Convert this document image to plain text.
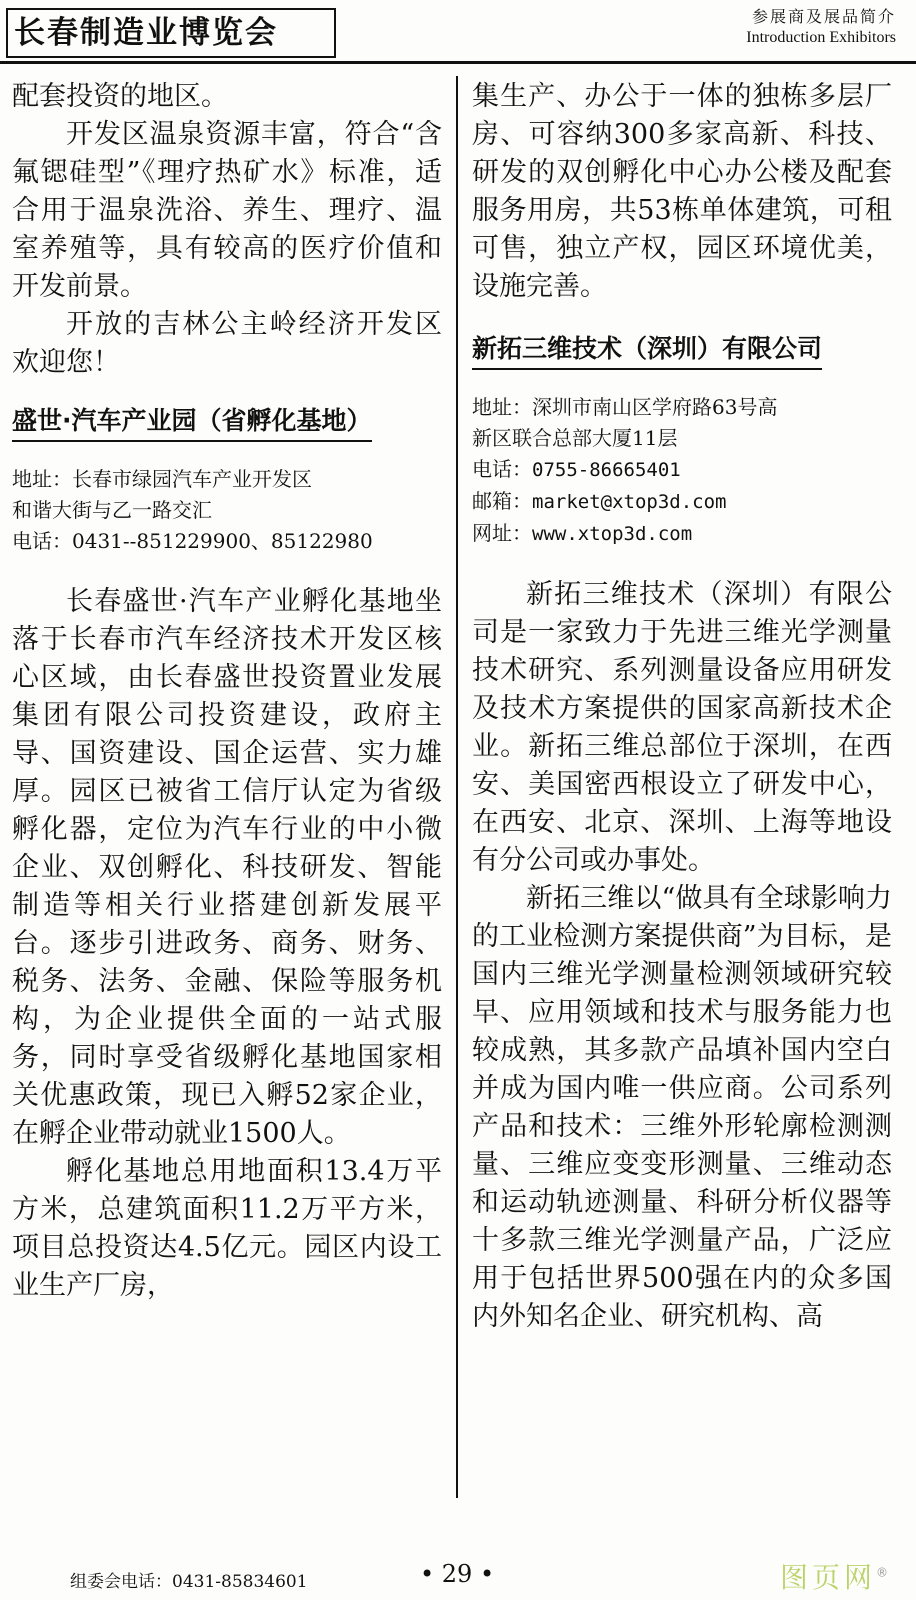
长春制造业博览会	参展商及展品简介
Introduction Exhibitors

配套投资的地区。

开发区温泉资源丰富，符合“含氟锶硅型”《理疗热矿水》标准，适合用于温泉洗浴、养生、理疗、温室养殖等，具有较高的医疗价值和开发前景。

开放的吉林公主岭经济开发区欢迎您！

盛世·汽车产业园（省孵化基地）

地址：长春市绿园汽车产业开发区

和谐大街与乙一路交汇

电话：0431--851229900、85122980

长春盛世·汽车产业孵化基地坐落于长春市汽车经济技术开发区核心区域，由长春盛世投资置业发展集团有限公司投资建设，政府主导、国资建设、国企运营、实力雄厚。园区已被省工信厅认定为省级孵化器，定位为汽车行业的中小微企业、双创孵化、科技研发、智能制造等相关行业搭建创新发展平台。逐步引进政务、商务、财务、税务、法务、金融、保险等服务机构，为企业提供全面的一站式服务，同时享受省级孵化基地国家相关优惠政策，现已入孵52家企业，在孵企业带动就业1500人。

孵化基地总用地面积13.4万平方米，总建筑面积11.2万平方米，项目总投资达4.5亿元。园区内设工业生产厂房，

集生产、办公于一体的独栋多层厂房、可容纳300多家高新、科技、研发的双创孵化中心办公楼及配套服务用房，共53栋单体建筑，可租可售，独立产权，园区环境优美，设施完善。

新拓三维技术（深圳）有限公司

地址：深圳市南山区学府路63号高

新区联合总部大厦11层

电话：0755-86665401

邮箱：market@xtop3d.com

网址：www.xtop3d.com

新拓三维技术（深圳）有限公司是一家致力于先进三维光学测量技术研究、系列测量设备应用研发及技术方案提供的国家高新技术企业。新拓三维总部位于深圳，在西安、美国密西根设立了研发中心，在西安、北京、深圳、上海等地设有分公司或办事处。

新拓三维以“做具有全球影响力的工业检测方案提供商”为目标，是国内三维光学测量检测领域研究较早、应用领域和技术与服务能力也较成熟，其多款产品填补国内空白并成为国内唯一供应商。公司系列产品和技术：三维外形轮廓检测测量、三维应变变形测量、三维动态和运动轨迹测量、科研分析仪器等十多款三维光学测量产品，广泛应用于包括世界500强在内的众多国内外知名企业、研究机构、高

组委会电话：0431-85834601	• 29 •	图页网®
